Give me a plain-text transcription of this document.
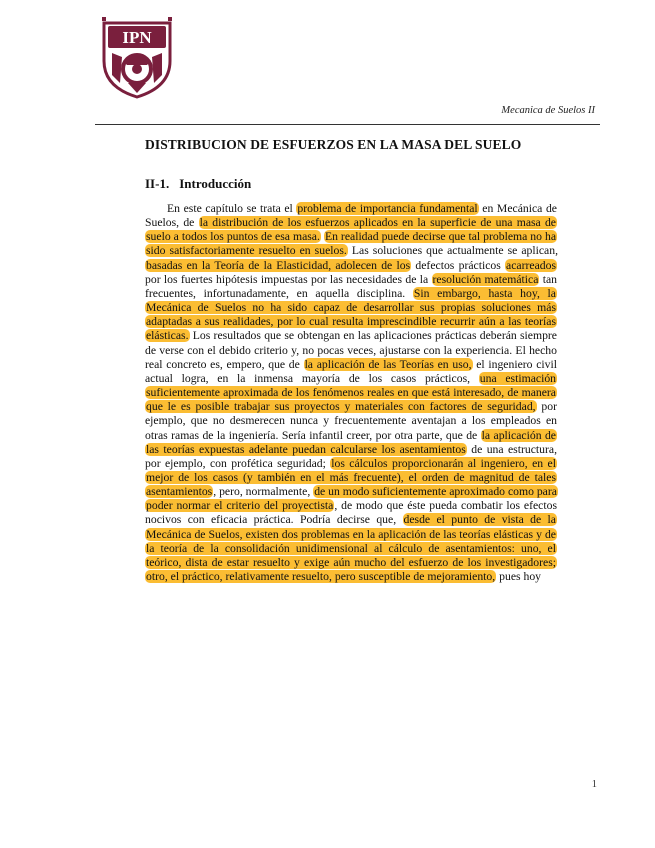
IPN
Mecanica de Suelos II
DISTRIBUCION DE ESFUERZOS EN LA MASA DEL SUELO
II-1. Introducción

En este capítulo se trata el problema de importancia fundamental en Mecánica de Suelos, de la distribución de los esfuerzos aplicados en la superficie de una masa de suelo a todos los puntos de esa masa. En realidad puede decirse que tal problema no ha sido satisfactoriamente resuelto en suelos. Las soluciones que actualmente se aplican, basadas en la Teoría de la Elasticidad, adolecen de los defectos prácticos acarreados por los fuertes hipótesis impuestas por las necesidades de la resolución matemática tan frecuentes, infortunadamente, en aquella disciplina. Sin embargo, hasta hoy, la Mecánica de Suelos no ha sido capaz de desarrollar sus propias soluciones más adaptadas a sus realidades, por lo cual resulta imprescindible recurrir aún a las teorías elásticas. Los resultados que se obtengan en las aplicaciones prácticas deberán siempre de verse con el debido criterio y, no pocas veces, ajustarse con la experiencia. El hecho real concreto es, empero, que de la aplicación de las Teorías en uso, el ingeniero civil actual logra, en la inmensa mayoría de los casos prácticos, una estimación suficientemente aproximada de los fenómenos reales en que está interesado, de manera que le es posible trabajar sus proyectos y materiales con factores de seguridad, por ejemplo, que no desmerecen nunca y frecuentemente aventajan a los empleados en otras ramas de la ingeniería. Sería infantil creer, por otra parte, que de la aplicación de las teorías expuestas adelante puedan calcularse los asentamientos de una estructura, por ejemplo, con profética seguridad; los cálculos proporcionarán al ingeniero, en el mejor de los casos (y también en el más frecuente), el orden de magnitud de tales asentamientos, pero, normalmente, de un modo suficientemente aproximado como para poder normar el criterio del proyectista, de modo que éste pueda combatir los efectos nocivos con eficacia práctica. Podría decirse que, desde el punto de vista de la Mecánica de Suelos, existen dos problemas en la aplicación de las teorías elásticas y de la teoría de la consolidación unidimensional al cálculo de asentamientos: uno, el teórico, dista de estar resuelto y exige aún mucho del esfuerzo de los investigadores; otro, el práctico, relativamente resuelto, pero susceptible de mejoramiento, pues hoy

1
